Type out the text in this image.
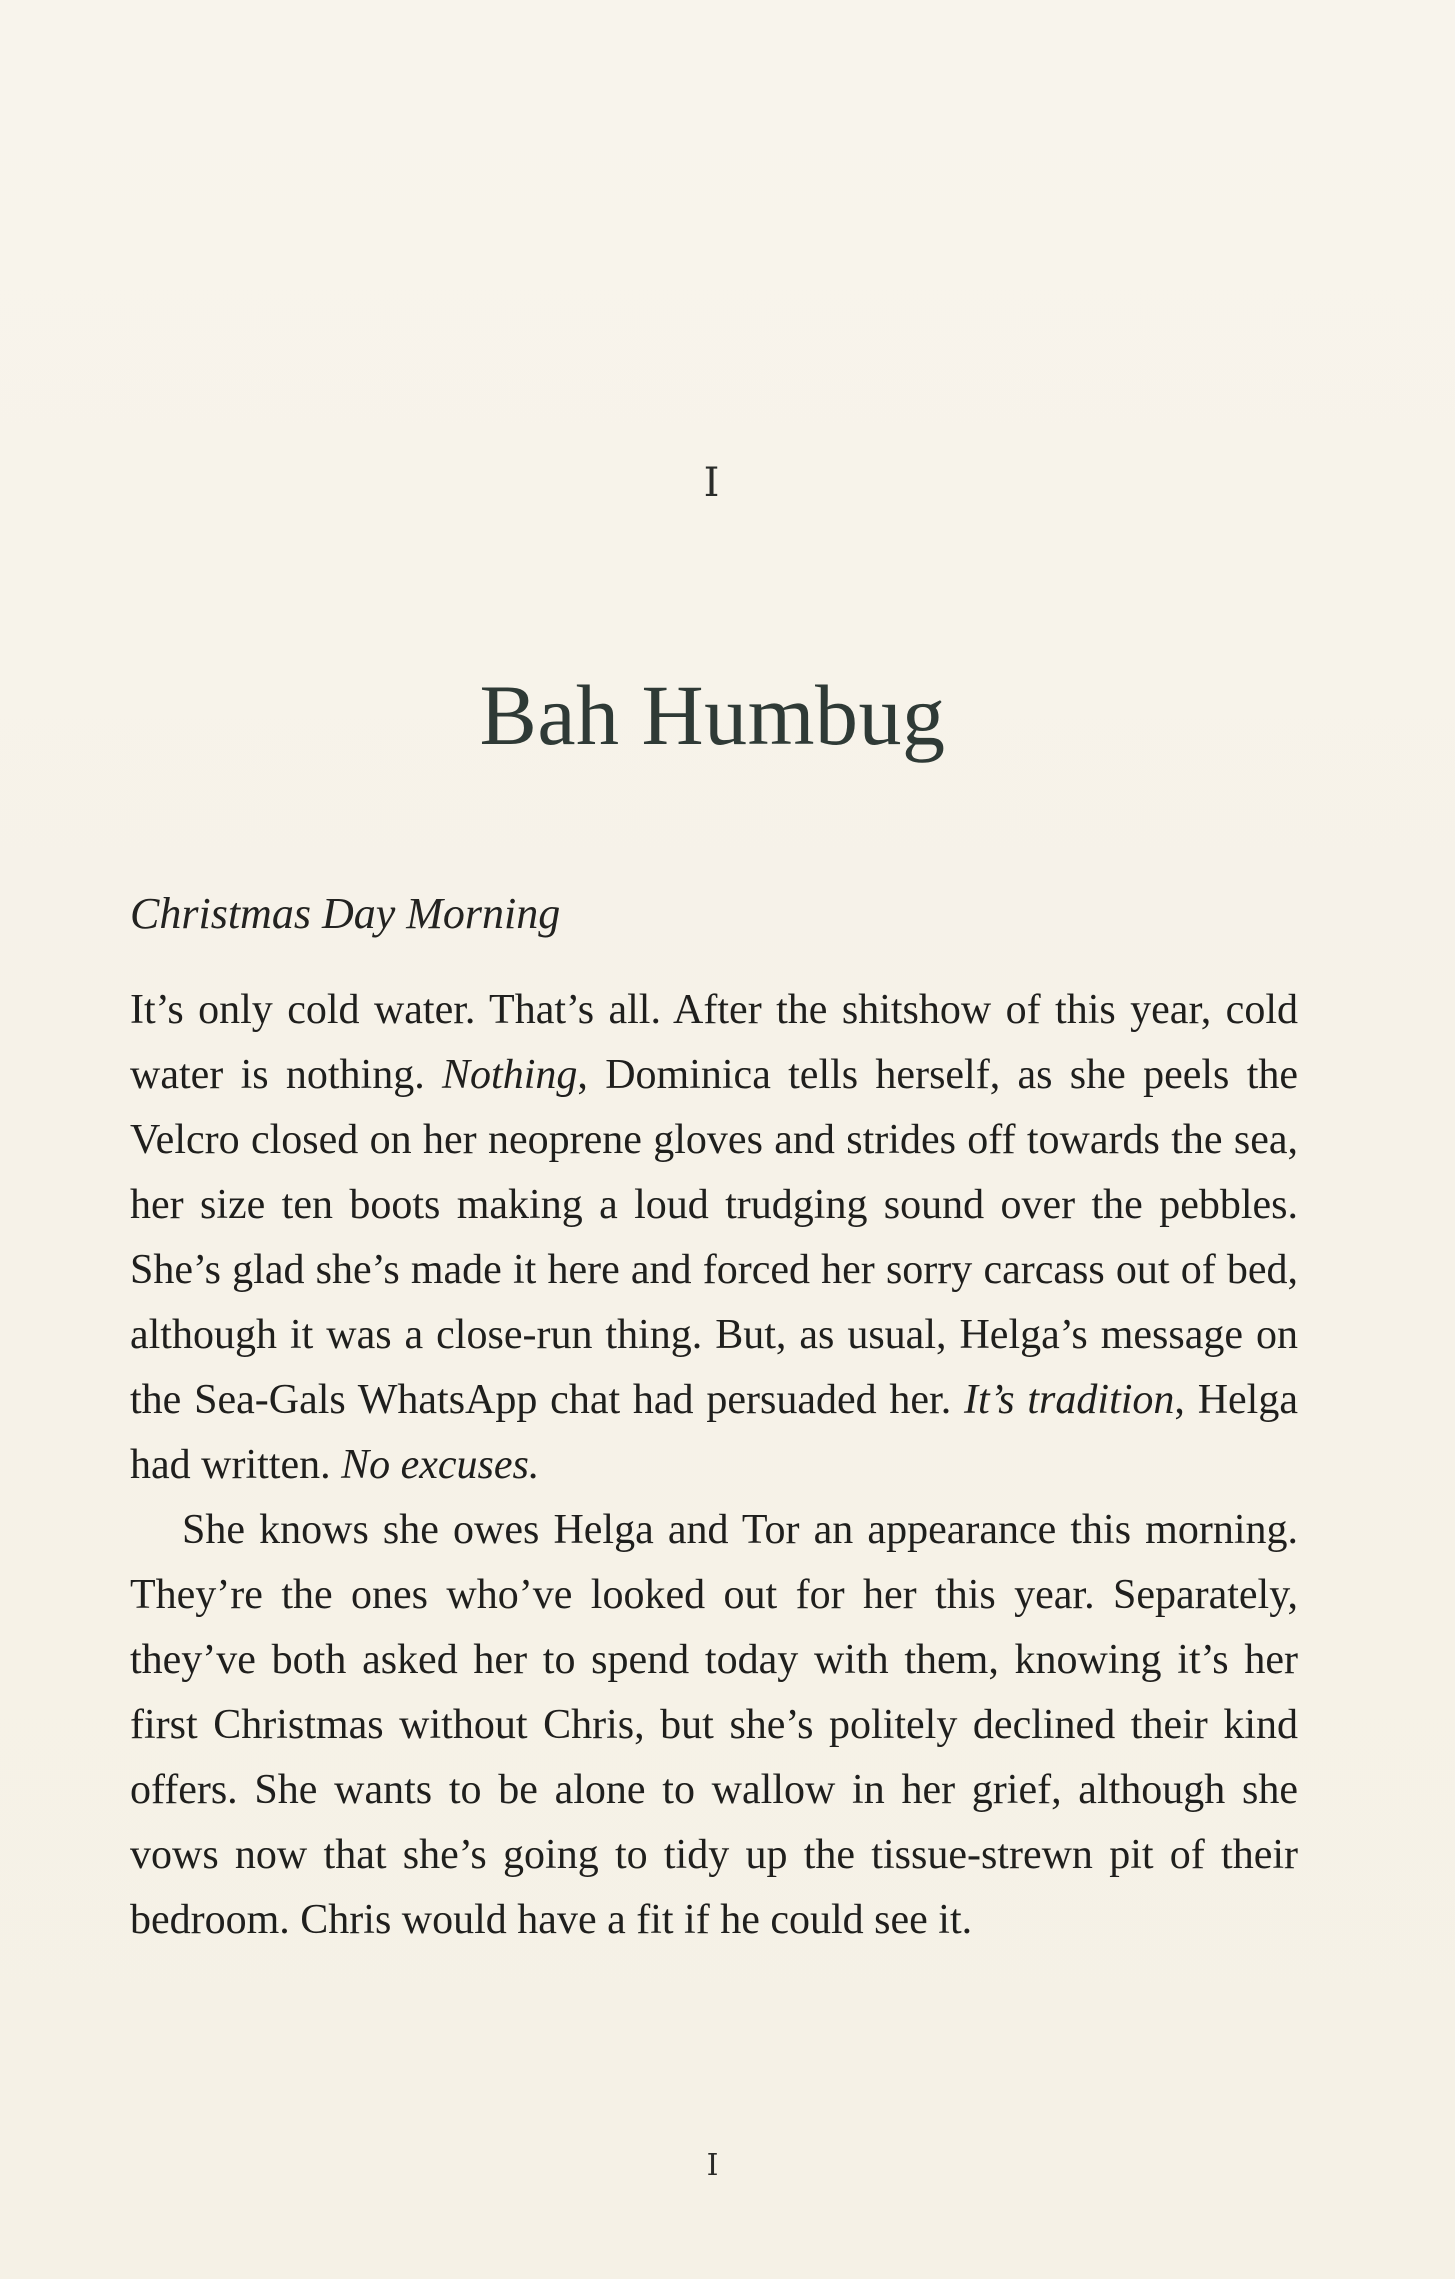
I
Bah Humbug
Christmas Day Morning

It’s only cold water. That’s all. After the shitshow of this year, cold water is nothing. Nothing, Dominica tells herself, as she peels the Velcro closed on her neoprene gloves and strides off towards the sea, her size ten boots making a loud trudging sound over the pebbles. She’s glad she’s made it here and forced her sorry carcass out of bed, although it was a close-run thing. But, as usual, Helga’s message on the Sea-Gals WhatsApp chat had persuaded her. It’s tradition, Helga had written. No excuses.

She knows she owes Helga and Tor an appearance this morning. They’re the ones who’ve looked out for her this year. Separately, they’ve both asked her to spend today with them, knowing it’s her first Christmas without Chris, but she’s politely declined their kind offers. She wants to be alone to wallow in her grief, although she vows now that she’s going to tidy up the tissue-strewn pit of their bedroom. Chris would have a fit if he could see it.

I
